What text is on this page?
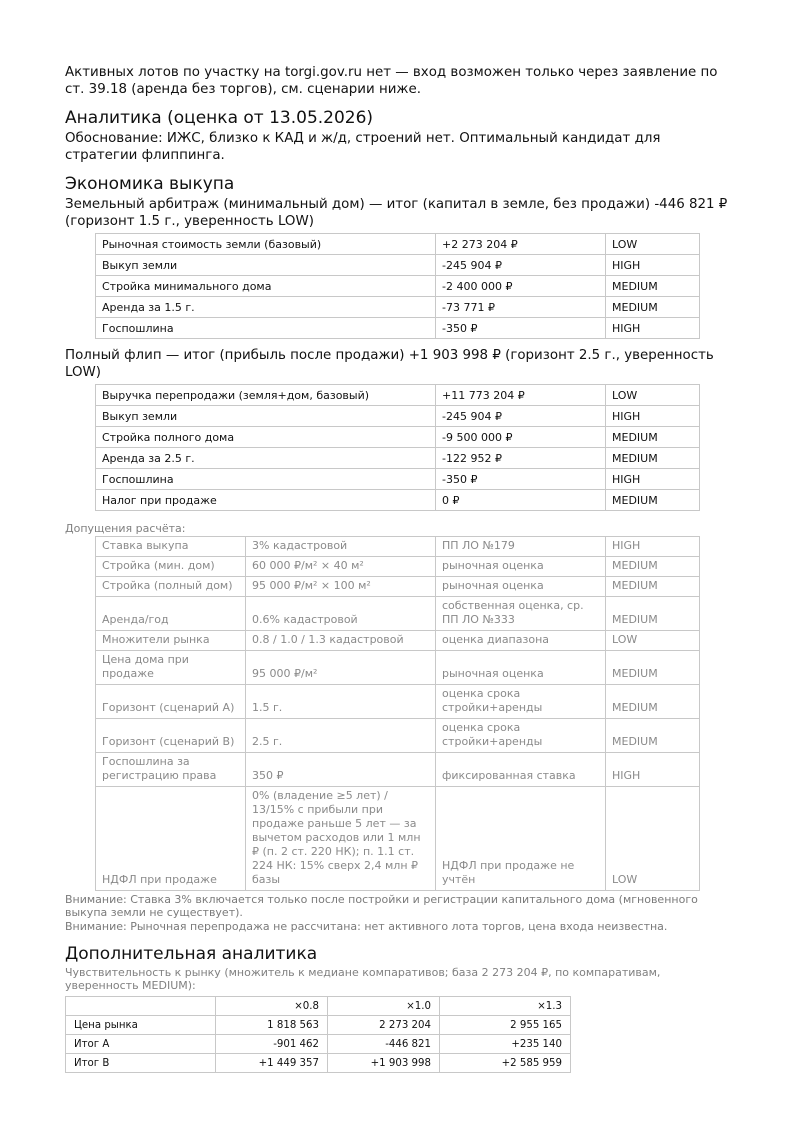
Активных лотов по участку на torgi.gov.ru нет — вход возможен только через заявление по ст. 39.18 (аренда без торгов), см. сценарии ниже.

Аналитика (оценка от 13.05.2026)

Обоснование: ИЖС, близко к КАД и ж/д, строений нет. Оптимальный кандидат для стратегии флиппинга.

Экономика выкупа

Земельный арбитраж (минимальный дом) — итог (капитал в земле, без продажи) -446 821 ₽ (горизонт 1.5 г., уверенность LOW)

Рыночная стоимость земли (базовый)	+2 273 204 ₽	LOW
Выкуп земли	-245 904 ₽	HIGH
Стройка минимального дома	-2 400 000 ₽	MEDIUM
Аренда за 1.5 г.	-73 771 ₽	MEDIUM
Госпошлина	-350 ₽	HIGH

Полный флип — итог (прибыль после продажи) +1 903 998 ₽ (горизонт 2.5 г., уверенность LOW)

Выручка перепродажи (земля+дом, базовый)	+11 773 204 ₽	LOW
Выкуп земли	-245 904 ₽	HIGH
Стройка полного дома	-9 500 000 ₽	MEDIUM
Аренда за 2.5 г.	-122 952 ₽	MEDIUM
Госпошлина	-350 ₽	HIGH
Налог при продаже	0 ₽	MEDIUM

Допущения расчёта:

Ставка выкупа	3% кадастровой	ПП ЛО №179	HIGH
Стройка (мин. дом)	60 000 ₽/м² × 40 м²	рыночная оценка	MEDIUM
Стройка (полный дом)	95 000 ₽/м² × 100 м²	рыночная оценка	MEDIUM
Аренда/год	0.6% кадастровой	собственная оценка, ср. ПП ЛО №333	MEDIUM
Множители рынка	0.8 / 1.0 / 1.3 кадастровой	оценка диапазона	LOW
Цена дома при продаже	95 000 ₽/м²	рыночная оценка	MEDIUM
Горизонт (сценарий A)	1.5 г.	оценка срока стройки+аренды	MEDIUM
Горизонт (сценарий B)	2.5 г.	оценка срока стройки+аренды	MEDIUM
Госпошлина за регистрацию права	350 ₽	фиксированная ставка	HIGH
НДФЛ при продаже	0% (владение ≥5 лет) / 13/15% с прибыли при продаже раньше 5 лет — за вычетом расходов или 1 млн ₽ (п. 2 ст. 220 НК); п. 1.1 ст. 224 НК: 15% сверх 2,4 млн ₽ базы	НДФЛ при продаже не учтён	LOW

Внимание: Ставка 3% включается только после постройки и регистрации капитального дома (мгновенного выкупа земли не существует).

Внимание: Рыночная перепродажа не рассчитана: нет активного лота торгов, цена входа неизвестна.

Дополнительная аналитика

Чувствительность к рынку (множитель к медиане компаративов; база 2 273 204 ₽, по компаративам, уверенность MEDIUM):

	×0.8	×1.0	×1.3
Цена рынка	1 818 563	2 273 204	2 955 165
Итог A	-901 462	-446 821	+235 140
Итог B	+1 449 357	+1 903 998	+2 585 959
